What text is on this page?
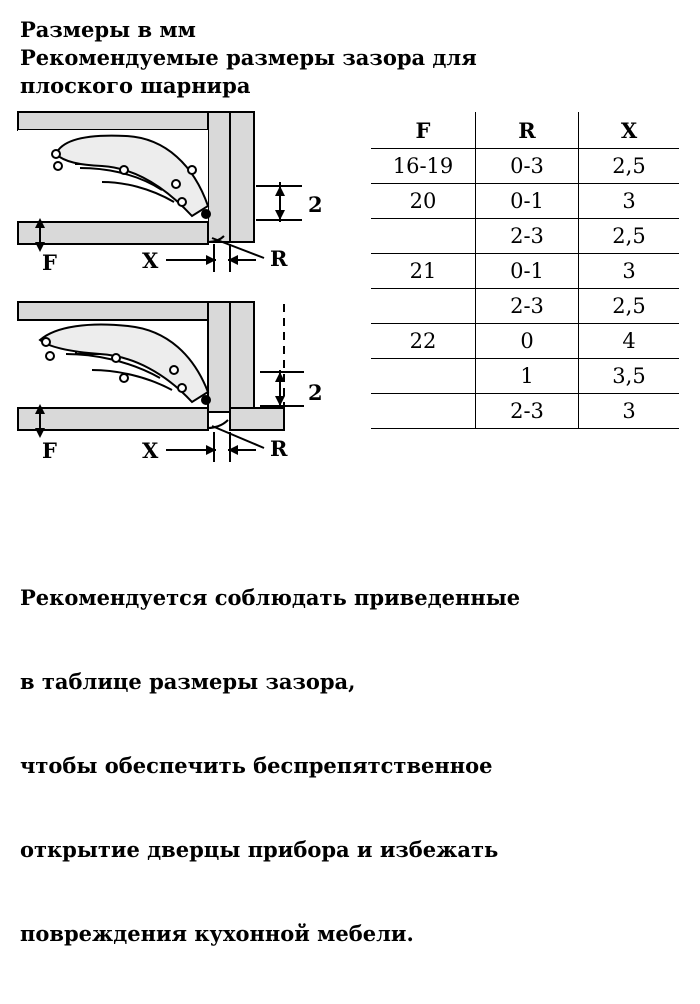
Размеры в мм
Рекомендуемые размеры зазора для
плоского шарнира
F	X	R
2
F	X	R
2
F	R	X
16-19	0-3	2,5
20	0-1	3
	2-3	2,5
21	0-1	3
	2-3	2,5
22	0	4
	1	3,5
	2-3	3

Рекомендуется соблюдать приведенные

в таблице размеры зазора,

чтобы обеспечить беспрепятственное

открытие дверцы прибора и избежать

повреждения кухонной мебели.
